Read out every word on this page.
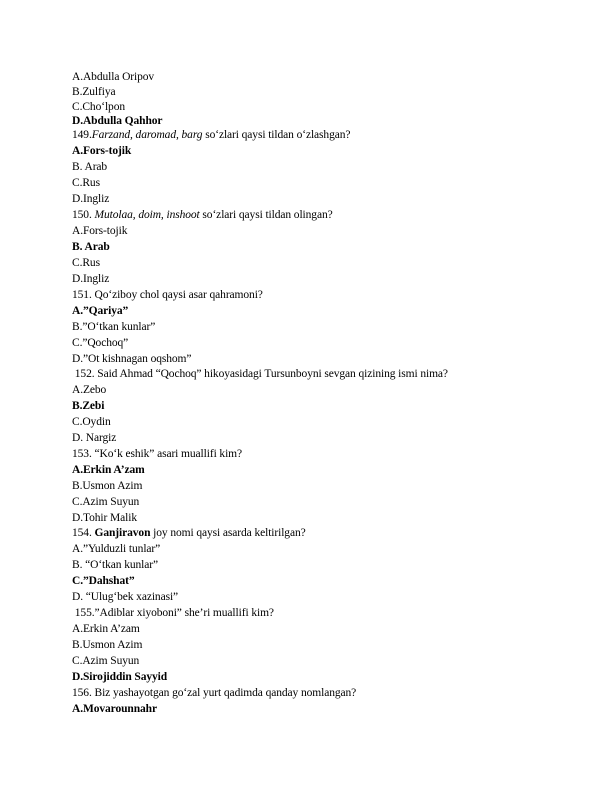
A.Abdulla Oripov
B.Zulfiya
C.Cho‘lpon
D.Abdulla Qahhor
149.Farzand, daromad, barg so‘zlari qaysi tildan o‘zlashgan?
A.Fors-tojik
B. Arab
C.Rus
D.Ingliz
150. Mutolaa, doim, inshoot so‘zlari qaysi tildan olingan?
A.Fors-tojik
B. Arab
C.Rus
D.Ingliz
151. Qo‘ziboy chol qaysi asar qahramoni?
A.”Qariya”
B.”O‘tkan kunlar”
C.”Qochoq”
D.”Ot kishnagan oqshom”
152. Said Ahmad “Qochoq” hikoyasidagi Tursunboyni sevgan qizining ismi nima?
A.Zebo
B.Zebi
C.Oydin
D. Nargiz
153. “Ko‘k eshik” asari muallifi kim?
A.Erkin A’zam
B.Usmon Azim
C.Azim Suyun
D.Tohir Malik
154. Ganjiravon joy nomi qaysi asarda keltirilgan?
A.”Yulduzli tunlar”
B. “O‘tkan kunlar”
C.”Dahshat”
D. “Ulug‘bek xazinasi”
155.”Adiblar xiyoboni” she’ri muallifi kim?
A.Erkin A’zam
B.Usmon Azim
C.Azim Suyun
D.Sirojiddin Sayyid
156. Biz yashayotgan go‘zal yurt qadimda qanday nomlangan?
A.Movarounnahr
